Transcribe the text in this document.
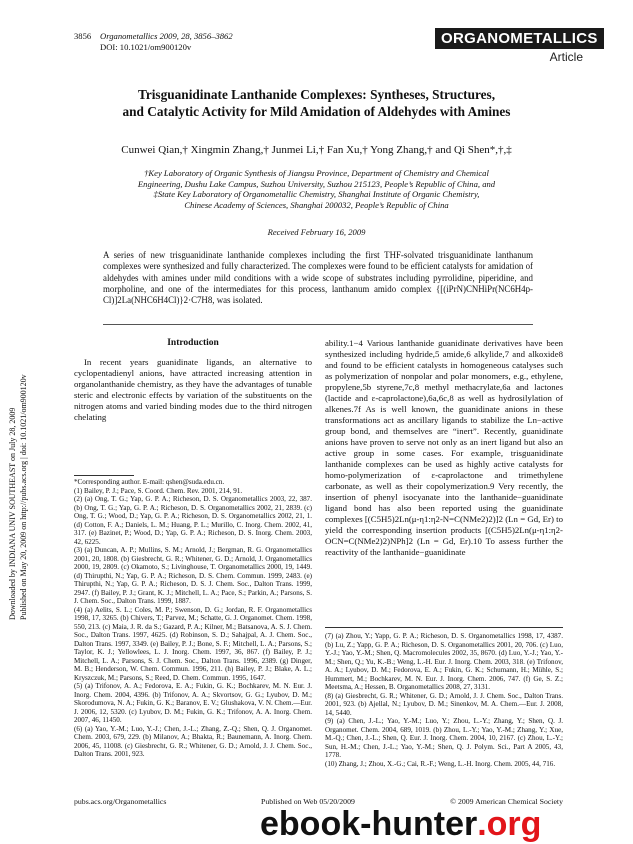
3856 Organometallics 2009, 28, 3856–3862
DOI: 10.1021/om900120v	ORGANOMETALLICS
Article
Trisguanidinate Lanthanide Complexes: Syntheses, Structures,
and Catalytic Activity for Mild Amidation of Aldehydes with Amines
Cunwei Qian,† Xingmin Zhang,† Junmei Li,† Fan Xu,† Yong Zhang,† and Qi Shen*,†,‡
†Key Laboratory of Organic Synthesis of Jiangsu Province, Department of Chemistry and Chemical
Engineering, Dushu Lake Campus, Suzhou University, Suzhou 215123, People’s Republic of China, and
‡State Key Laboratory of Organometallic Chemistry, Shanghai Institute of Organic Chemistry,
Chinese Academy of Sciences, Shanghai 200032, People’s Republic of China
Received February 16, 2009
A series of new trisguanidinate lanthanide complexes including the first THF-solvated trisguanidinate lanthanum complexes were synthesized and fully characterized. The complexes were found to be efficient catalysts for amidation of aldehydes with amines under mild conditions with a wide scope of substrates including pyrrolidine, piperidine, and morpholine, and one of the intermediates for this process, lanthanum amido complex {[(iPrN)CNHiPr(NC6H4p-Cl)]2La(NHC6H4Cl)}2·C7H8, was isolated.
Downloaded by INDIANA UNIV SOUTHEAST on July 28, 2009 Published on May 20, 2009 on http://pubs.acs.org | doi: 10.1021/om900120v
Introduction
In recent years guanidinate ligands, an alternative to cyclopentadienyl anions, have attracted increasing attention in organolanthanide chemistry, as they have the advantages of tunable steric and electronic effects by variation of the substituents on the nitrogen atoms and varied binding modes due to the third nitrogen chelating
ability.1−4 Various lanthanide guanidinate derivatives have been synthesized including hydride,5 amide,6 alkylide,7 and alkoxide8 and found to be efficient catalysts in homogeneous catalyses such as polymerization of nonpolar and polar monomers, e.g., ethylene, propylene,5b styrene,7c,8 methyl methacrylate,6a and lactones (lactide and ε-caprolactone),6a,6c,8 as well as hydrosilylation of alkenes.7f As is well known, the guanidinate anions in these transformations act as ancillary ligands to stabilize the Ln−active group bond, and themselves are “inert”. Recently, guanidinate anions have proven to serve not only as an inert ligand but also an active group in some cases. For example, trisguanidinate lanthanide complexes can be used as highly active catalysts for homo-polymerization of ε-caprolactone and trimethylene carbonate, as well as their copolymerization.9 Very recently, the insertion of phenyl isocyanate into the lanthanide−guanidinate ligand bond has also been reported using the guanidinate complexes [(C5H5)2Ln(μ-η1:η2-N=C(NMe2)2)]2 (Ln = Gd, Er) to yield the corresponding insertion products [(C5H5)2Ln(μ-η1:η2-OCN=C(NMe2)2)NPh]2 (Ln = Gd, Er).10 To assess further the reactivity of the lanthanide−guanidinate

*Corresponding author. E-mail: qshen@suda.edu.cn.

(1) Bailey, P. J.; Pace, S. Coord. Chem. Rev. 2001, 214, 91.

(2) (a) Ong, T. G.; Yap, G. P. A.; Richeson, D. S. Organometallics 2003, 22, 387. (b) Ong, T. G.; Yap, G. P. A.; Richeson, D. S. Organometallics 2002, 21, 2839. (c) Ong, T. G.; Wood, D.; Yap, G. P. A.; Richeson, D. S. Organometallics 2002, 21, 1. (d) Cotton, F. A.; Daniels, L. M.; Huang, P. L.; Murillo, C. Inorg. Chem. 2002, 41, 317. (e) Bazinet, P.; Wood, D.; Yap, G. P. A.; Richeson, D. S. Inorg. Chem. 2003, 42, 6225.

(3) (a) Duncan, A. P.; Mullins, S. M.; Arnold, J.; Bergman, R. G. Organometallics 2001, 20, 1808. (b) Giesbrecht, G. R.; Whitener, G. D.; Arnold, J. Organometallics 2000, 19, 2809. (c) Okamoto, S.; Livinghouse, T. Organometallics 2000, 19, 1449. (d) Thirupthi, N.; Yap, G. P. A.; Richeson, D. S. Chem. Commun. 1999, 2483. (e) Thirupthi, N.; Yap, G. P. A.; Richeson, D. S. J. Chem. Soc., Dalton Trans. 1999, 2947. (f) Bailey, P. J.; Grant, K. J.; Mitchell, L. A.; Pace, S.; Parkin, A.; Parsons, S. J. Chem. Soc., Dalton Trans. 1999, 1887.

(4) (a) Aelits, S. L.; Coles, M. P.; Swenson, D. G.; Jordan, R. F. Organometallics 1998, 17, 3265. (b) Chivers, T.; Parvez, M.; Schatte, G. J. Organomet. Chem. 1998, 550, 213. (c) Maia, J. R. da S.; Gazard, P. A.; Kilner, M.; Batsanova, A. S. J. Chem. Soc., Dalton Trans. 1997, 4625. (d) Robinson, S. D.; Sahajpal, A. J. Chem. Soc., Dalton Trans. 1997, 3349. (e) Bailey, P. J.; Bone, S. F.; Mitchell, L. A.; Parsons, S.; Taylor, K. J.; Yellowlees, L. J. Inorg. Chem. 1997, 36, 867. (f) Bailey, P. J.; Mitchell, L. A.; Parsons, S. J. Chem. Soc., Dalton Trans. 1996, 2389. (g) Dinger, M. B.; Henderson, W. Chem. Commun. 1996, 211. (h) Bailey, P. J.; Blake, A. L.; Kryszczuk, M.; Parsons, S.; Reed, D. Chem. Commun. 1995, 1647.

(5) (a) Trifonov, A. A.; Fedorova, E. A.; Fukin, G. K.; Bochkarev, M. N. Eur. J. Inorg. Chem. 2004, 4396. (b) Trifonov, A. A.; Skvortsov, G. G.; Lyubov, D. M.; Skorodumova, N. A.; Fukin, G. K.; Baranov, E. V.; Glushakova, V. N. Chem.—Eur. J. 2006, 12, 5320. (c) Lyubov, D. M.; Fukin, G. K.; Trifonov, A. A. Inorg. Chem. 2007, 46, 11450.

(6) (a) Yao, Y.-M.; Luo, Y.-J.; Chen, J.-L.; Zhang, Z.-Q.; Shen, Q. J. Organomet. Chem. 2003, 679, 229. (b) Milanov, A.; Bhakta, R.; Baunemann, A. Inorg. Chem. 2006, 45, 11008. (c) Giesbrecht, G. R.; Whitener, G. D.; Arnold, J. J. Chem. Soc., Dalton Trans. 2001, 923.

(7) (a) Zhou, Y.; Yapp, G. P. A.; Richeson, D. S. Organometallics 1998, 17, 4387. (b) Lu, Z.; Yapp, G. P. A.; Richeson, D. S. Organometallics 2001, 20, 706. (c) Luo, Y.-J.; Yao, Y.-M.; Shen, Q. Macromolecules 2002, 35, 8670. (d) Luo, Y.-J.; Yao, Y.-M.; Shen, Q.; Yu, K.-B.; Weng, L.-H. Eur. J. Inorg. Chem. 2003, 318. (e) Trifonov, A. A.; Lyubov, D. M.; Fedorova, E. A.; Fukin, G. K.; Schumann, H.; Mühle, S.; Hummert, M.; Bochkarev, M. N. Eur. J. Inorg. Chem. 2006, 747. (f) Ge, S. Z.; Meetsma, A.; Hessen, B. Organometallics 2008, 27, 3131.

(8) (a) Giesbrecht, G. R.; Whitener, G. D.; Arnold, J. J. Chem. Soc., Dalton Trans. 2001, 923. (b) Ajellal, N.; Lyubov, D. M.; Sinenkov, M. A. Chem.—Eur. J. 2008, 14, 5440.

(9) (a) Chen, J.-L.; Yao, Y.-M.; Luo, Y.; Zhou, L.-Y.; Zhang, Y.; Shen, Q. J. Organomet. Chem. 2004, 689, 1019. (b) Zhou, L.-Y.; Yao, Y.-M.; Zhang, Y.; Xue, M.-Q.; Chen, J.-L.; Shen, Q. Eur. J. Inorg. Chem. 2004, 10, 2167. (c) Zhou, L.-Y.; Sun, H.-M.; Chen, J.-L.; Yao, Y.-M.; Shen, Q. J. Polym. Sci., Part A 2005, 43, 1778.

(10) Zhang, J.; Zhou, X.-G.; Cai, R.-F.; Weng, L.-H. Inorg. Chem. 2005, 44, 716.

pubs.acs.org/Organometallics	Published on Web 05/20/2009	© 2009 American Chemical Society
ebook-hunter.org
